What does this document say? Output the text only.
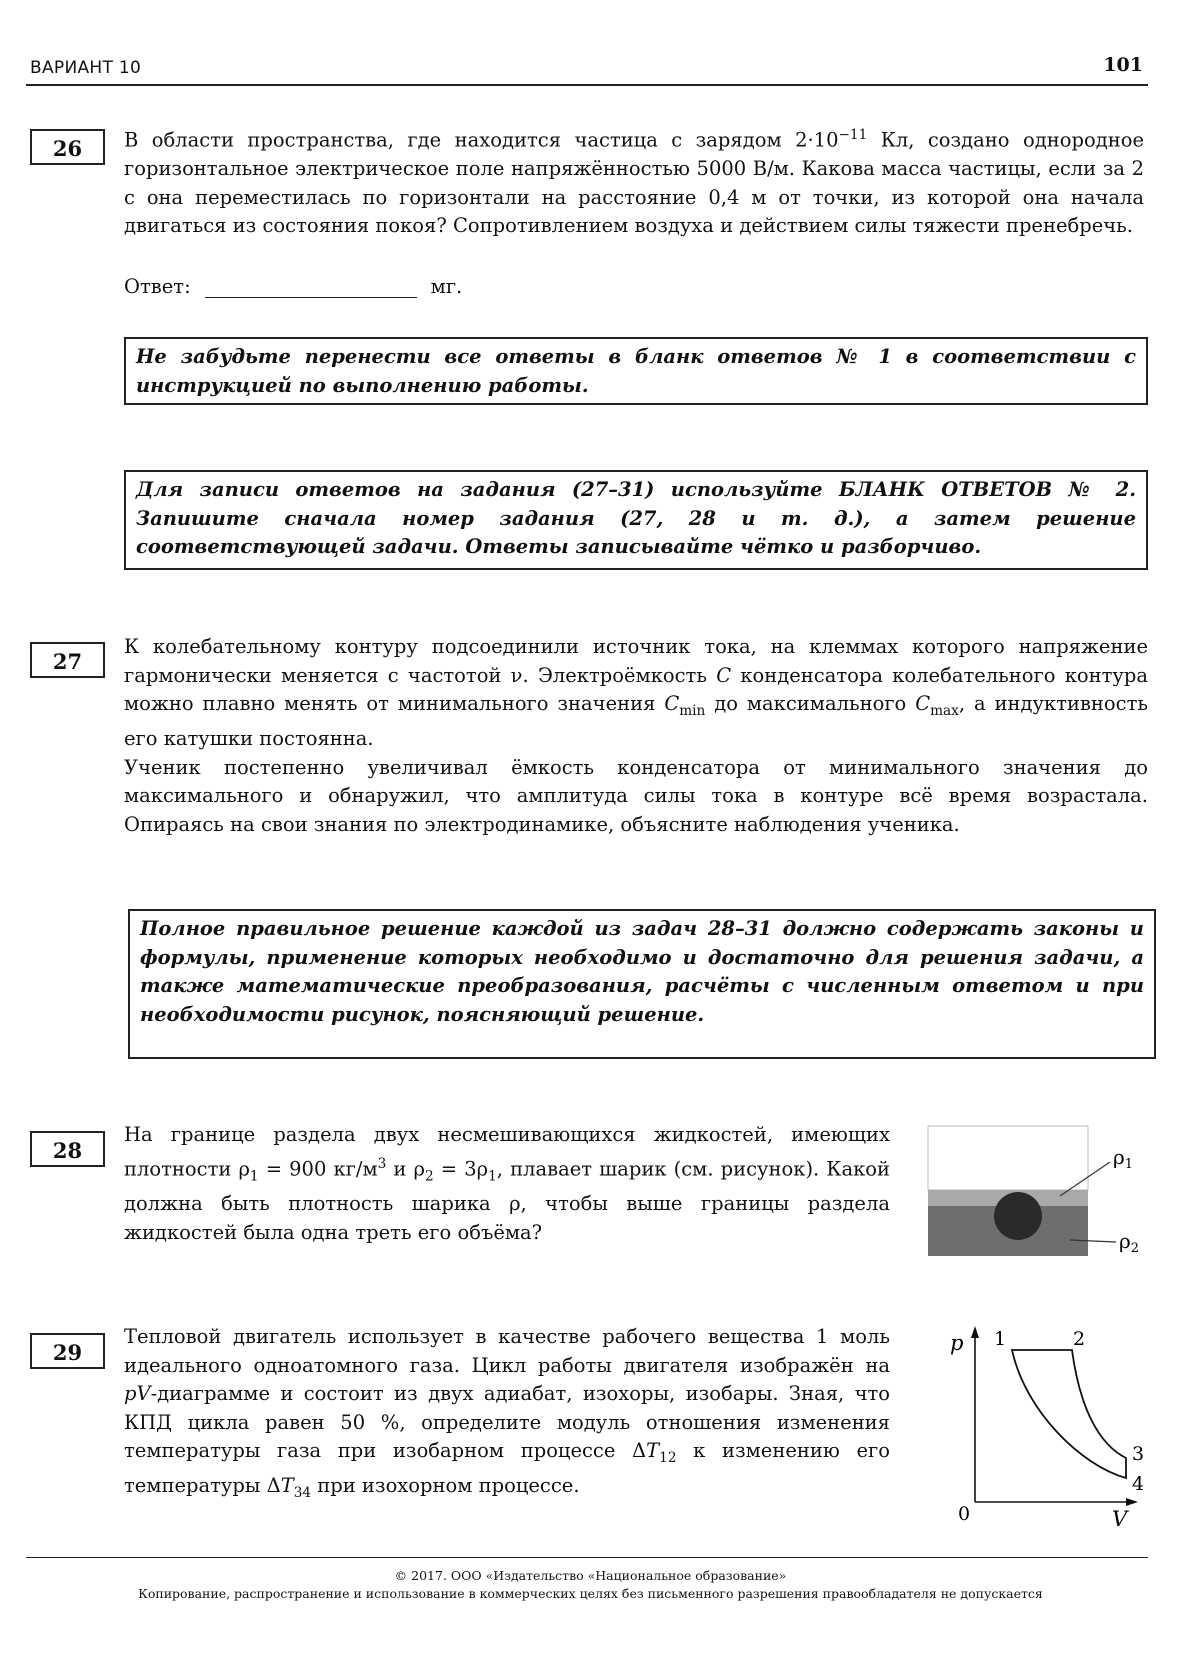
ВАРИАНТ 10	101
26	В области пространства, где находится частица с зарядом $2\cdot 10^{-11}$ Кл, создано однородное горизонтальное электрическое поле напряжённостью 5000 В/м. Какова масса частицы, если за 2 с она переместилась по горизонтали на расстояние 0,4 м от точки, из которой она начала двигаться из состояния покоя? Сопротивлением воздуха и действием силы тяжести пренебречь.

Ответ:	мг.
Не забудьте перенести все ответы в бланк ответов № 1 в соответствии с инструкцией по выполнению работы.
Для записи ответов на задания (27–31) используйте БЛАНК ОТВЕТОВ № 2. Запишите сначала номер задания (27, 28 и т. д.), а затем решение соответствующей задачи. Ответы записывайте чётко и разборчиво.
27

К колебательному контуру подсоединили источник тока, на клеммах которого напряжение гармонически меняется с частотой ν. Электроёмкость C конденсатора колебательного контура можно плавно менять от минимального значения $C_{min}$ до максимального $C_{max}$, а индуктивность его катушки постоянна.

Ученик постепенно увеличивал ёмкость конденсатора от минимального значения до максимального и обнаружил, что амплитуда силы тока в контуре всё время возрастала. Опираясь на свои знания по электродинамике, объясните наблюдения ученика.

Полное правильное решение каждой из задач 28–31 должно содержать законы и формулы, применение которых необходимо и достаточно для решения задачи, а также математические преобразования, расчёты с численным ответом и при необходимости рисунок, поясняющий решение.
28

На границе раздела двух несмешивающихся жидкостей, имеющих плотности $\rho_1 = 900$ $кг/м^3$ и $\rho_2 = 3\rho_1$, плавает шарик (см. рисунок). Какой должна быть плотность шарика ρ, чтобы выше границы раздела жидкостей была одна треть его объёма?

$\rho_1$
$\rho_2$
29

Тепловой двигатель использует в качестве рабочего вещества 1 моль идеального одноатомного газа. Цикл работы двигателя изображён на pV-диаграмме и состоит из двух адиабат, изохоры, изобары. Зная, что КПД цикла равен 50 %, определите модуль отношения изменения температуры газа при изобарном процессе $\Delta T_{12}$ к изменению его температуры $\Delta T_{34}$ при изохорном процессе.

p
V
0
1	2
3
4
© 2017. ООО «Издательство «Национальное образование»
Копирование, распространение и использование в коммерческих целях без письменного разрешения правообладателя не допускается
